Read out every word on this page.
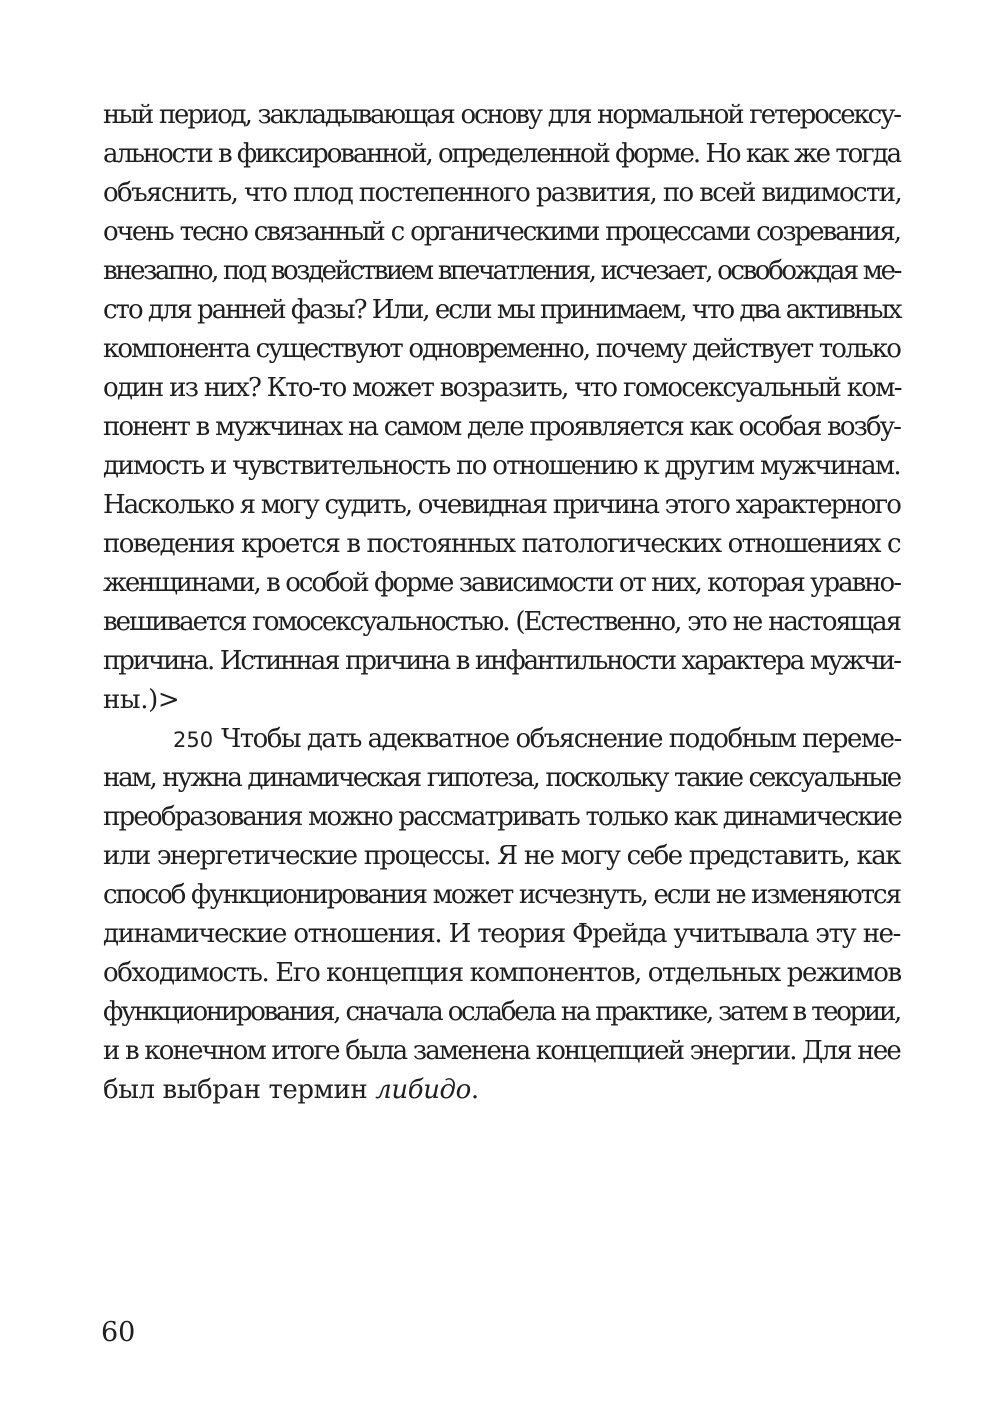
ный период, закладывающая основу для нормальной гетеросексу-
альности в фиксированной, определенной форме. Но как же тогда
объяснить, что плод постепенного развития, по всей видимости,
очень тесно связанный с органическими процессами созревания,
внезапно, под воздействием впечатления, исчезает, освобождая ме-
сто для ранней фазы? Или, если мы принимаем, что два активных
компонента существуют одновременно, почему действует только
один из них? Кто-то может возразить, что гомосексуальный ком-
понент в мужчинах на самом деле проявляется как особая возбу-
димость и чувствительность по отношению к другим мужчинам.
Насколько я могу судить, очевидная причина этого характерного
поведения кроется в постоянных патологических отношениях с
женщинами, в особой форме зависимости от них, которая уравно-
вешивается гомосексуальностью. (Естественно, это не настоящая
причина. Истинная причина в инфантильности характера мужчи-
ны.)>
250 Чтобы дать адекватное объяснение подобным переме-
нам, нужна динамическая гипотеза, поскольку такие сексуальные
преобразования можно рассматривать только как динамические
или энергетические процессы. Я не могу себе представить, как
способ функционирования может исчезнуть, если не изменяются
динамические отношения. И теория Фрейда учитывала эту не-
обходимость. Его концепция компонентов, отдельных режимов
функционирования, сначала ослабела на практике, затем в теории,
и в конечном итоге была заменена концепцией энергии. Для нее
был выбран термин либидо.
60
